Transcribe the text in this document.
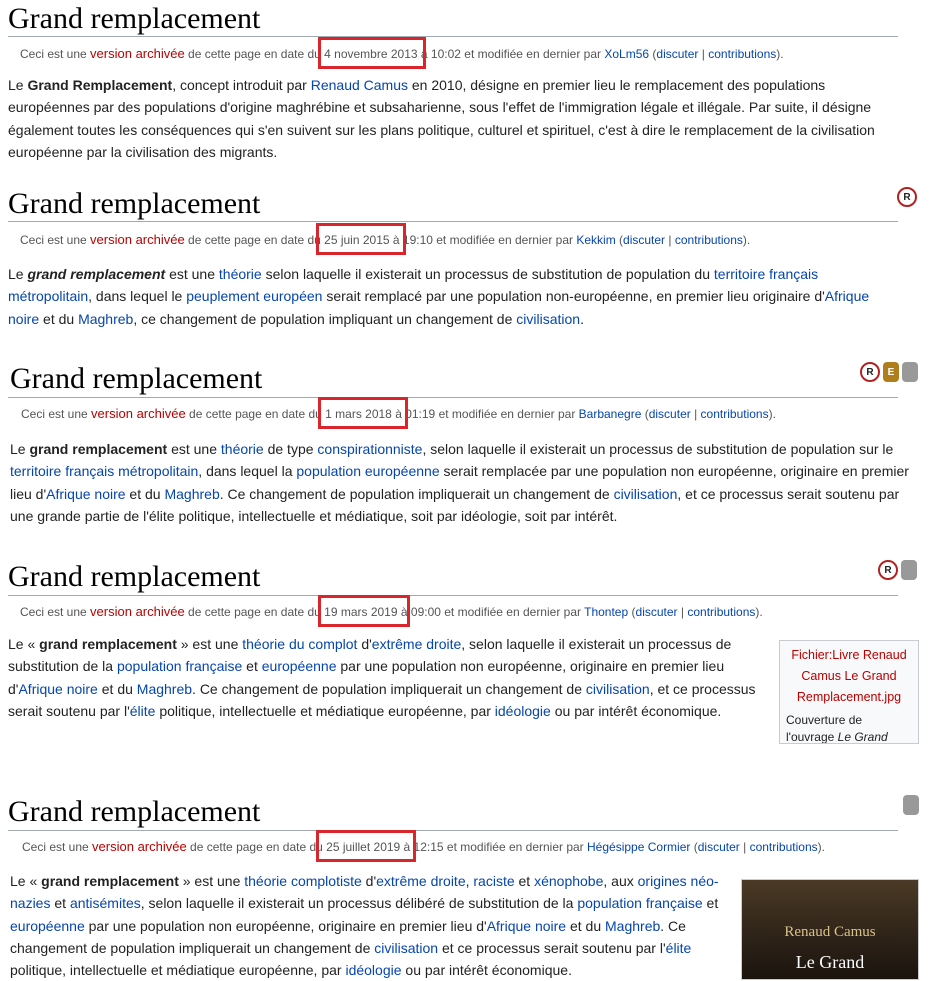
Grand remplacement
Ceci est une version archivée de cette page en date du 4 novembre 2013
à 10:02 et modifiée en dernier par XoLm56 (discuter | contributions).

Le Grand Remplacement, concept introduit par Renaud Camus en 2010, désigne en premier lieu le remplacement des populations européennes par des populations d'origine maghrébine et subsaharienne, sous l'effet de l'immigration légale et illégale. Par suite, il désigne également toutes les conséquences qui s'en suivent sur les plans politique, culturel et spirituel, c'est à dire le remplacement de la civilisation européenne par la civilisation des migrants.

Grand remplacement	R
Ceci est une version archivée de cette page en date du 25 juin 2015
à 19:10 et modifiée en dernier par Kekkim (discuter | contributions).

Le grand remplacement est une théorie selon laquelle il existerait un processus de substitution de population du territoire français métropolitain, dans lequel le peuplement européen serait remplacé par une population non-européenne, en premier lieu originaire d'Afrique noire et du Maghreb, ce changement de population impliquant un changement de civilisation.

Grand remplacement	R	E
Ceci est une version archivée de cette page en date du 1 mars 2018
à 01:19 et modifiée en dernier par Barbanegre (discuter | contributions).

Le grand remplacement est une théorie de type conspirationniste, selon laquelle il existerait un processus de substitution de population sur le territoire français métropolitain, dans lequel la population européenne serait remplacée par une population non européenne, originaire en premier lieu d'Afrique noire et du Maghreb. Ce changement de population impliquerait un changement de civilisation, et ce processus serait soutenu par une grande partie de l'élite politique, intellectuelle et médiatique, soit par idéologie, soit par intérêt.

Grand remplacement	R
Ceci est une version archivée de cette page en date du 19 mars 2019
à 09:00 et modifiée en dernier par Thontep (discuter | contributions).

Le « grand remplacement » est une théorie du complot d'extrême droite, selon laquelle il existerait un processus de substitution de la population française et européenne par une population non européenne, originaire en premier lieu d'Afrique noire et du Maghreb. Ce changement de population impliquerait un changement de civilisation, et ce processus serait soutenu par l'élite politique, intellectuelle et médiatique européenne, par idéologie ou par intérêt économique.

Fichier:Livre Renaud Camus Le Grand Remplacement.jpg
Couverture de l'ouvrage Le Grand
Grand remplacement
Ceci est une version archivée de cette page en date du 25 juillet 2019
à 12:15 et modifiée en dernier par Hégésippe Cormier (discuter | contributions).

Le « grand remplacement » est une théorie complotiste d'extrême droite, raciste et xénophobe, aux origines néo-nazies et antisémites, selon laquelle il existerait un processus délibéré de substitution de la population française et européenne par une population non européenne, originaire en premier lieu d'Afrique noire et du Maghreb. Ce changement de population impliquerait un changement de civilisation et ce processus serait soutenu par l'élite politique, intellectuelle et médiatique européenne, par idéologie ou par intérêt économique.

Renaud Camus
Le Grand
